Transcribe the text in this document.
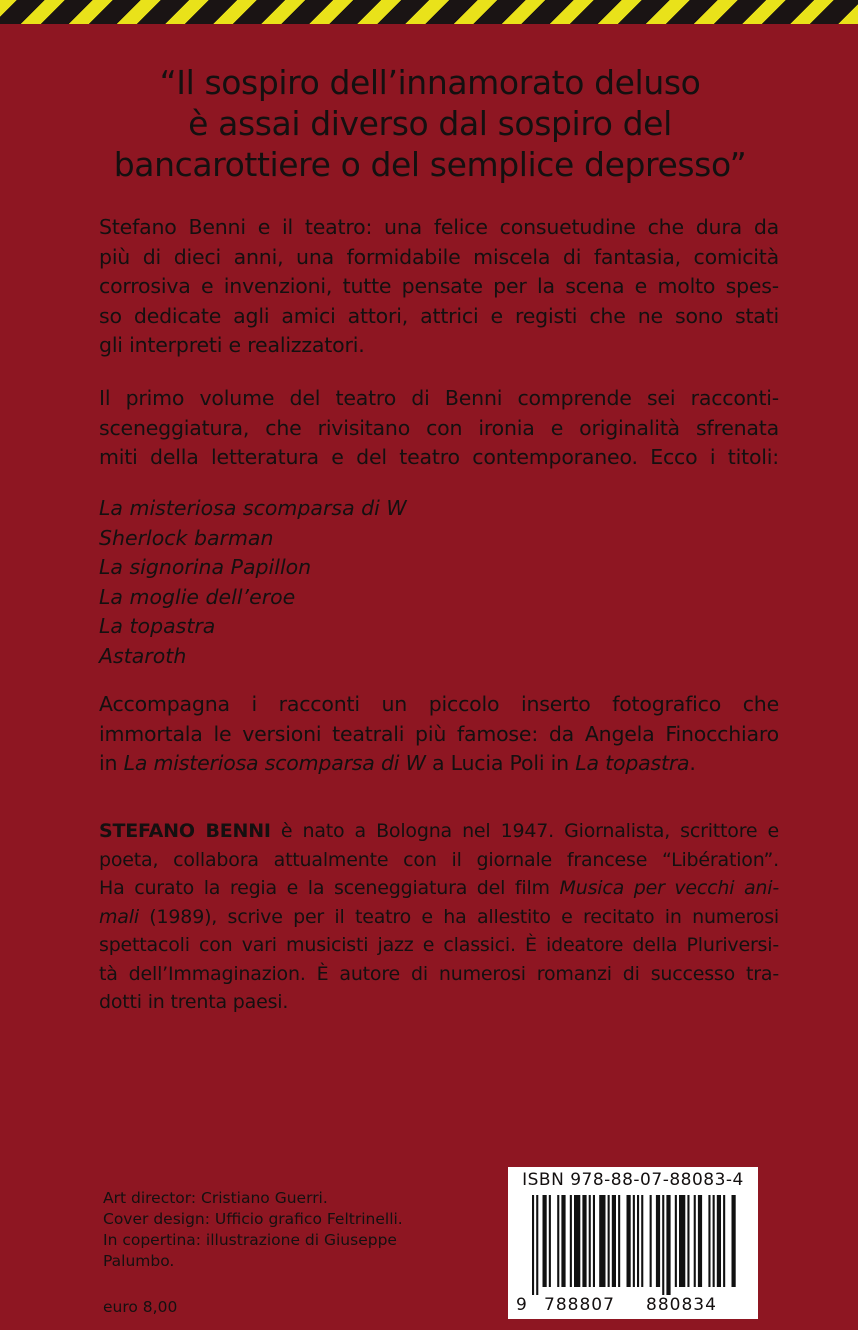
“Il sospiro dell’innamorato deluso
è assai diverso dal sospiro del
bancarottiere o del semplice depresso”
Stefano Benni e il teatro: una felice consuetudine che dura da
più di dieci anni, una formidabile miscela di fantasia, comicità
corrosiva e invenzioni, tutte pensate per la scena e molto spes-
so dedicate agli amici attori, attrici e registi che ne sono stati
gli interpreti e realizzatori.
Il primo volume del teatro di Benni comprende sei racconti-
sceneggiatura, che rivisitano con ironia e originalità sfrenata
miti della letteratura e del teatro contemporaneo. Ecco i titoli:
La misteriosa scomparsa di W
Sherlock barman
La signorina Papillon
La moglie dell’eroe
La topastra
Astaroth
Accompagna i racconti un piccolo inserto fotografico che
immortala le versioni teatrali più famose: da Angela Finocchiaro
in La misteriosa scomparsa di W a Lucia Poli in La topastra.
STEFANO BENNI è nato a Bologna nel 1947. Giornalista, scrittore e
poeta, collabora attualmente con il giornale francese “Libération”.
Ha curato la regia e la sceneggiatura del film Musica per vecchi ani-
mali (1989), scrive per il teatro e ha allestito e recitato in numerosi
spettacoli con vari musicisti jazz e classici. È ideatore della Pluriversi-
tà dell’Immaginazion. È autore di numerosi romanzi di successo tra-
dotti in trenta paesi.
Art director: Cristiano Guerri.
Cover design: Ufficio grafico Feltrinelli.
In copertina: illustrazione di Giuseppe
Palumbo.
euro 8,00
ISBN 978-88-07-88083-4
9 788807 880834
